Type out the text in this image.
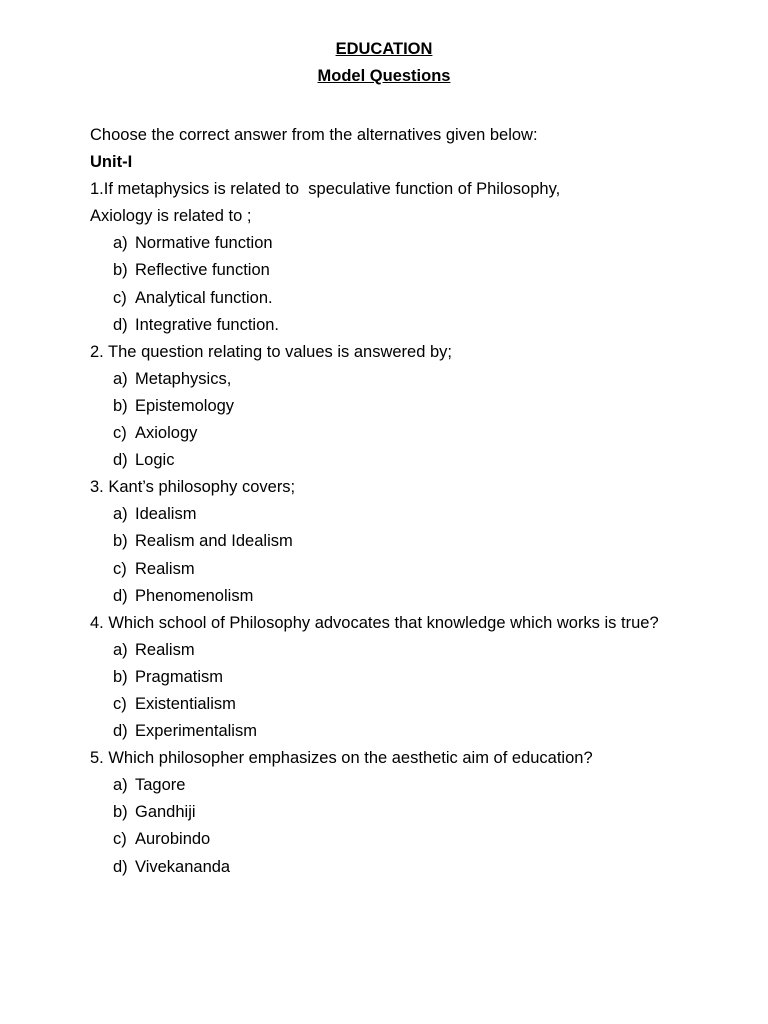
EDUCATION
Model Questions
Choose the correct answer from the alternatives given below:
Unit-I
1.If metaphysics is related to  speculative function of Philosophy,
Axiology is related to ;
a) Normative function
b) Reflective function
c) Analytical function.
d) Integrative function.
2. The question relating to values is answered by;
a) Metaphysics,
b) Epistemology
c) Axiology
d) Logic
3. Kant’s philosophy covers;
a) Idealism
b) Realism and Idealism
c) Realism
d) Phenomenolism
4. Which school of Philosophy advocates that knowledge which works is true?
a) Realism
b) Pragmatism
c) Existentialism
d) Experimentalism
5. Which philosopher emphasizes on the aesthetic aim of education?
a) Tagore
b) Gandhiji
c) Aurobindo
d) Vivekananda
